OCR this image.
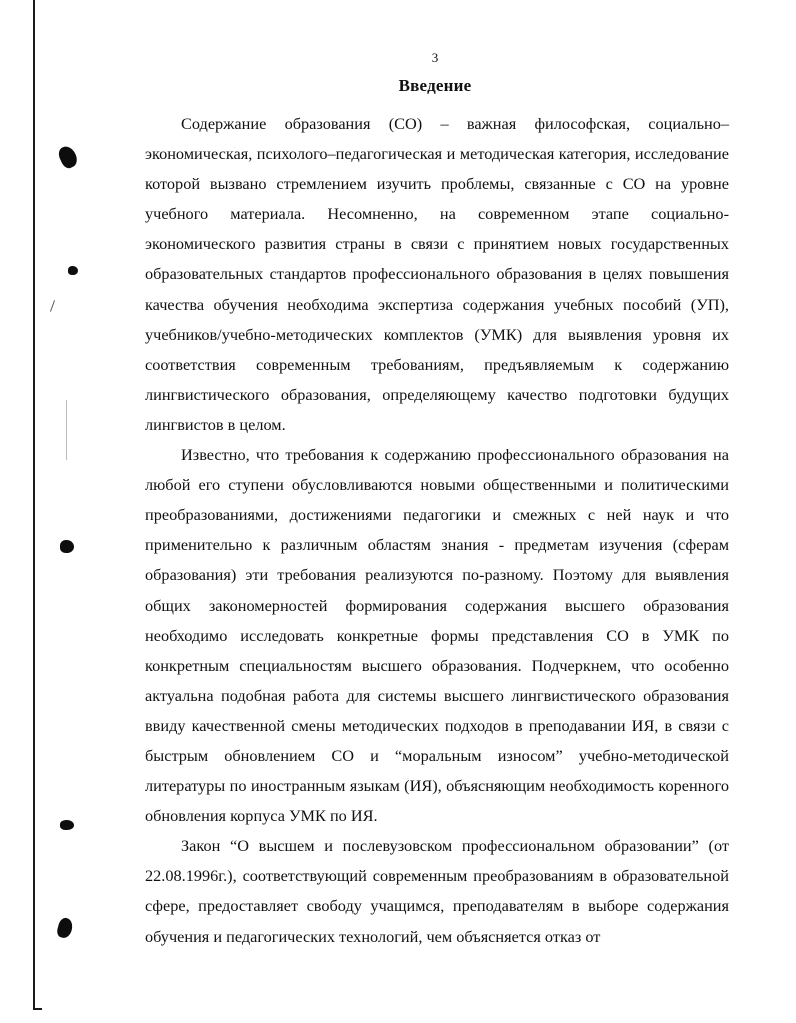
3
Введение

Содержание образования (СО) – важная философская, социально–экономическая, психолого–педагогическая и методическая категория, исследование которой вызвано стремлением изучить проблемы, связанные с СО на уровне учебного материала. Несомненно, на современном этапе социально-экономического развития страны в связи с принятием новых государственных образовательных стандартов профессионального образования в целях повышения качества обучения необходима экспертиза содержания учебных пособий (УП), учебников/учебно-методических комплектов (УМК) для выявления уровня их соответствия современным требованиям, предъявляемым к содержанию лингвистического образования, определяющему качество подготовки будущих лингвистов в целом.

Известно, что требования к содержанию профессионального образования на любой его ступени обусловливаются новыми общественными и политическими преобразованиями, достижениями педагогики и смежных с ней наук и что применительно к различным областям знания - предметам изучения (сферам образования) эти требования реализуются по-разному. Поэтому для выявления общих закономерностей формирования содержания высшего образования необходимо исследовать конкретные формы представления СО в УМК по конкретным специальностям высшего образования. Подчеркнем, что особенно актуальна подобная работа для системы высшего лингвистического образования ввиду качественной смены методических подходов в преподавании ИЯ, в связи с быстрым обновлением СО и “моральным износом” учебно-методической литературы по иностранным языкам (ИЯ), объясняющим необходимость коренного обновления корпуса УМК по ИЯ.

Закон “О высшем и послевузовском профессиональном образовании” (от 22.08.1996г.), соответствующий современным преобразованиям в образовательной сфере, предоставляет свободу учащимся, преподавателям в выборе содержания обучения и педагогических технологий, чем объясняется отказ от
